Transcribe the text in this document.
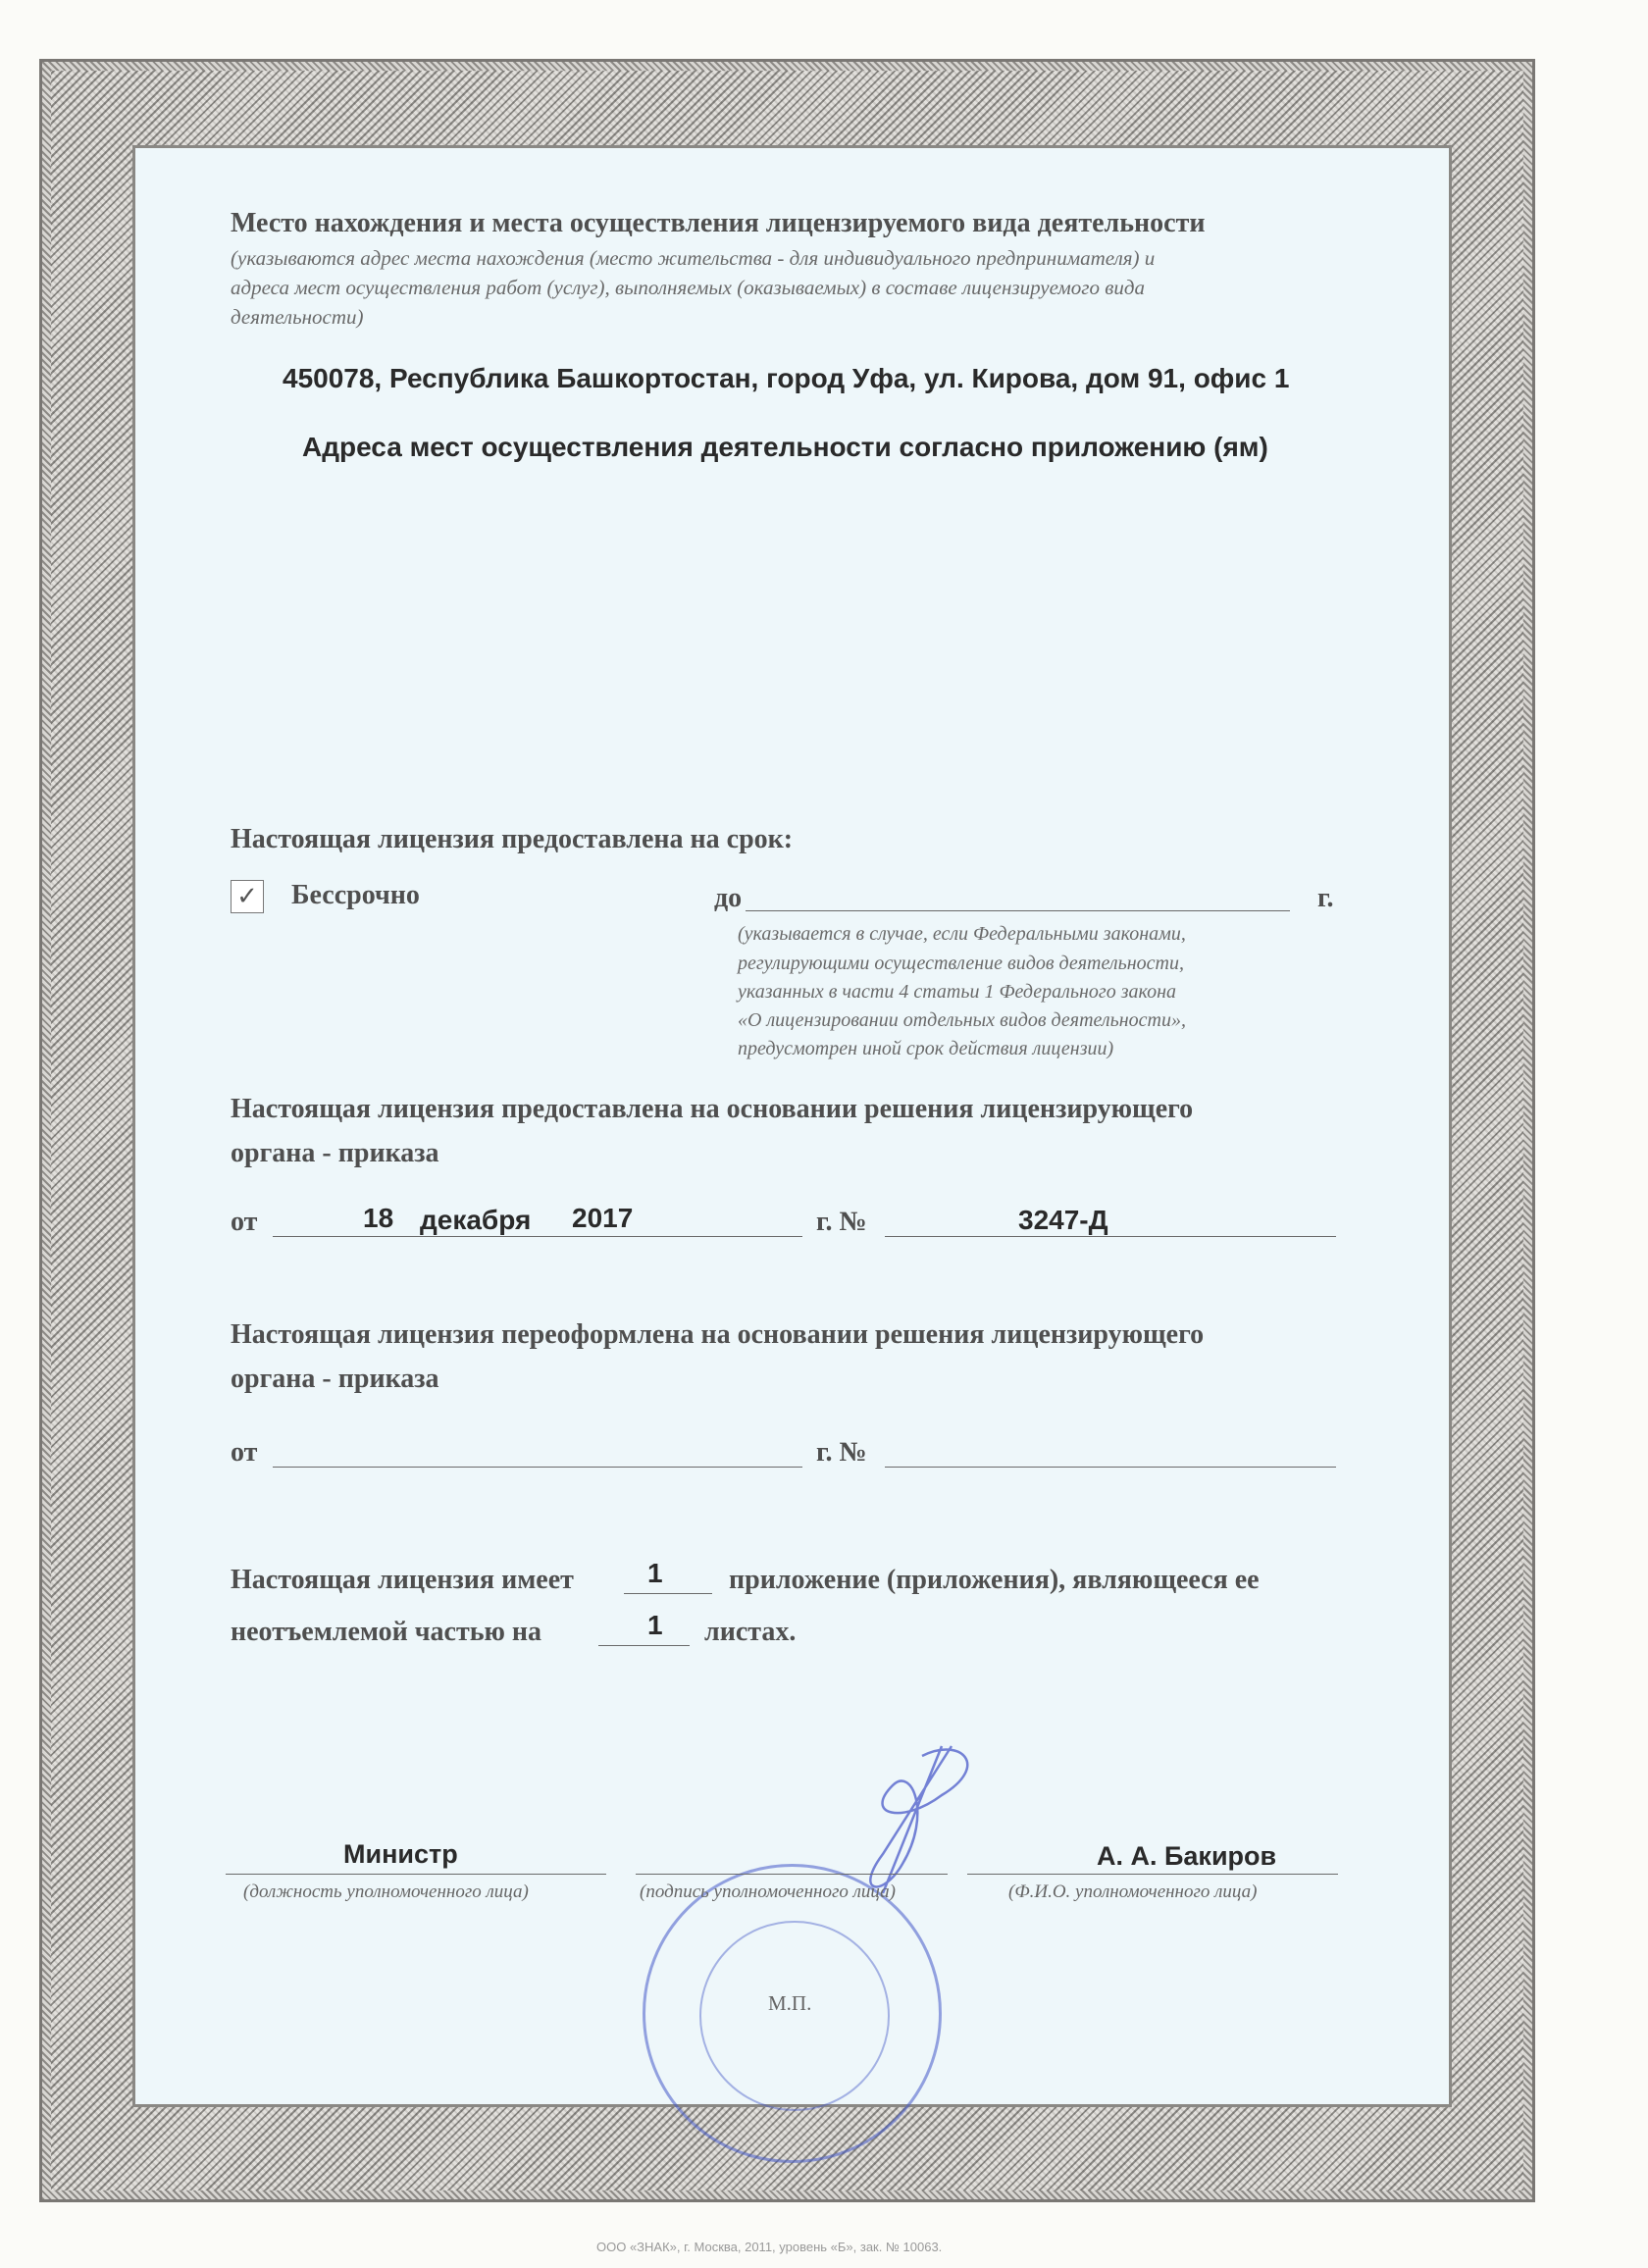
Место нахождения и места осуществления лицензируемого вида деятельности
(указываются адрес места нахождения (место жительства - для индивидуального предпринимателя) и
адреса мест осуществления работ (услуг), выполняемых (оказываемых) в составе лицензируемого вида
деятельности)
450078, Республика Башкортостан, город Уфа, ул. Кирова, дом 91, офис 1
Адреса мест осуществления деятельности согласно приложению (ям)
Настоящая лицензия предоставлена на срок:
✓ Бессрочно	до	г.
(указывается в случае, если Федеральными законами,
регулирующими осуществление видов деятельности,
указанных в части 4 статьи 1 Федерального закона
«О лицензировании отдельных видов деятельности»,
предусмотрен иной срок действия лицензии)
Настоящая лицензия предоставлена на основании решения лицензирующего
органа - приказа
от	18 декабря 2017	г. №	3247-Д
Настоящая лицензия переоформлена на основании решения лицензирующего
органа - приказа
от	г. №
Настоящая лицензия имеет	1 приложение (приложения), являющееся ее
неотъемлемой частью на	1 листах.
Министр
(должность уполномоченного лица)	(подпись уполномоченного лица)
А. А. Бакиров
(Ф.И.О. уполномоченного лица)
М.П.
ООО «ЗНАК», г. Москва, 2011, уровень «Б», зак. № 10063.
